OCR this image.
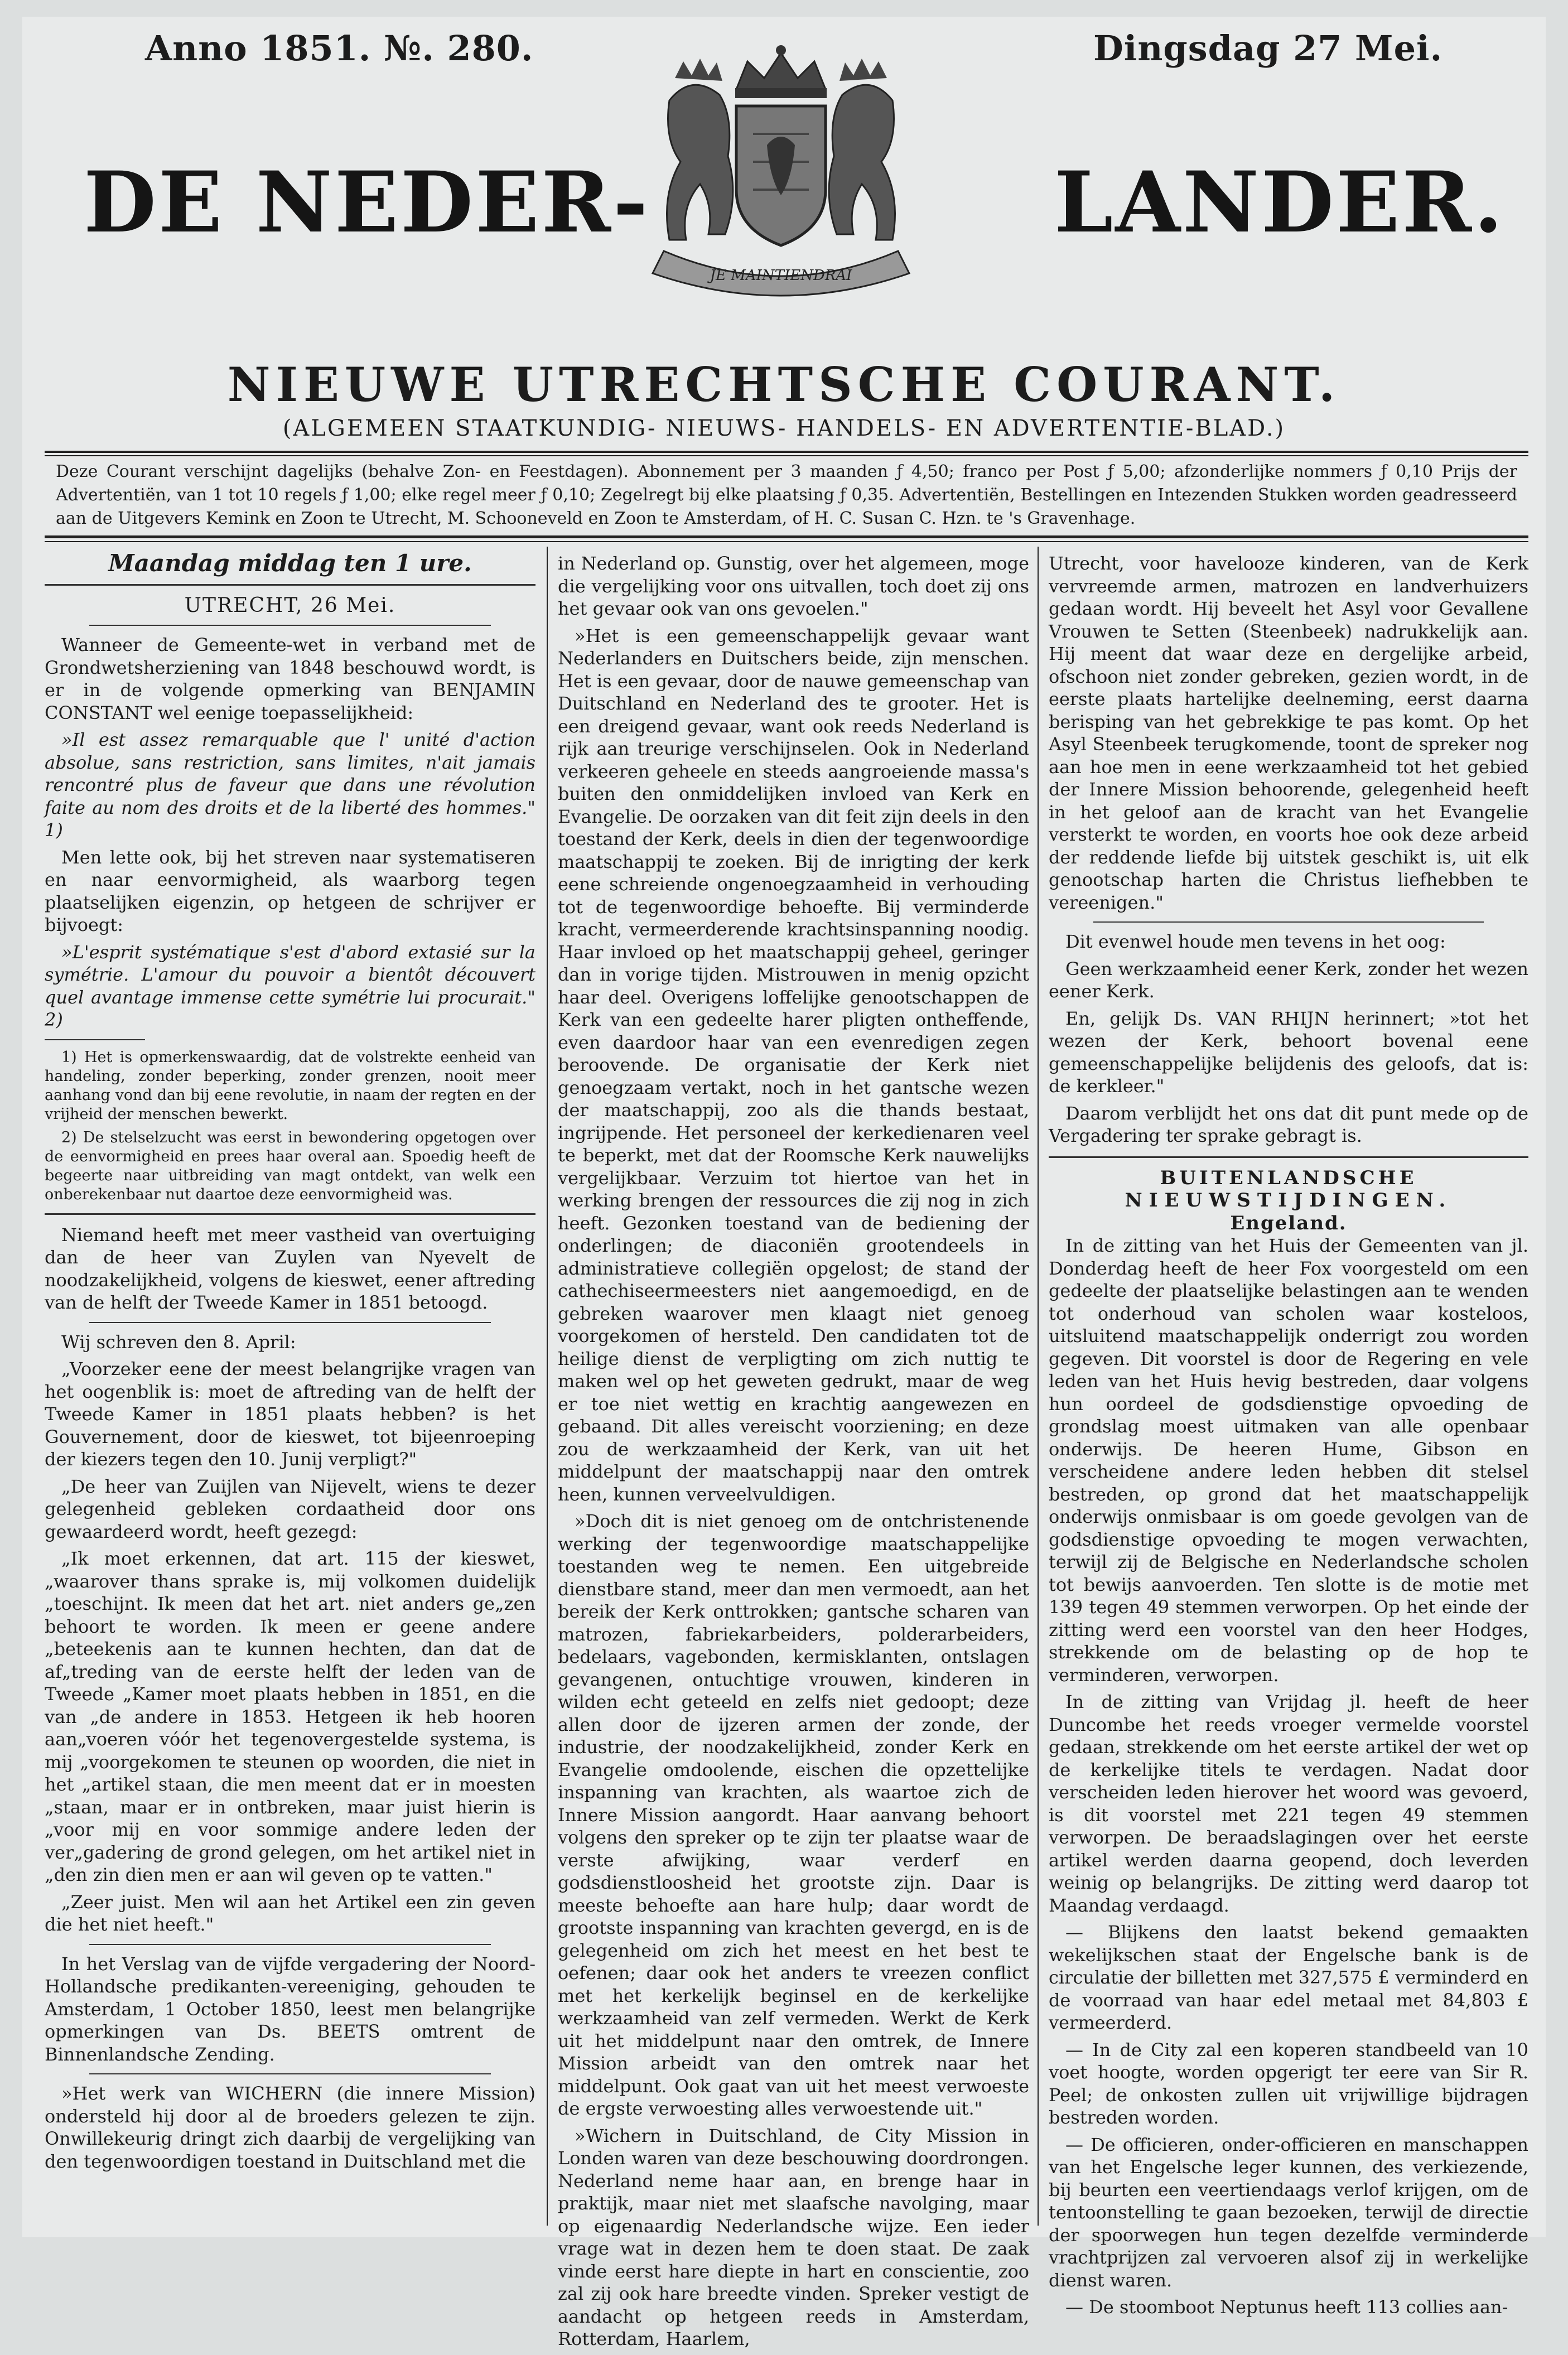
Anno 1851. №. 280.	Dingsdag 27 Mei.
DE NEDER-	LANDER.
JE MAINTIENDRAI
NIEUWE UTRECHTSCHE COURANT.
(ALGEMEEN STAATKUNDIG- NIEUWS- HANDELS- EN ADVERTENTIE-BLAD.)
Deze Courant verschijnt dagelijks (behalve Zon- en Feestdagen). Abonnement per 3 maanden ƒ 4,50; franco per Post ƒ 5,00; afzonderlijke nommers ƒ 0,10 Prijs der Advertentiën, van 1 tot 10 regels ƒ 1,00; elke regel meer ƒ 0,10; Zegelregt bij elke plaatsing ƒ 0,35. Advertentiën, Bestellingen en Intezenden Stukken worden geadresseerd aan de Uitgevers Kemink en Zoon te Utrecht, M. Schooneveld en Zoon te Amsterdam, of H. C. Susan C. Hzn. te 's Gravenhage.
Maandag middag ten 1 ure.
UTRECHT, 26 Mei.

Wanneer de Gemeente-wet in verband met de Grondwetsherziening van 1848 beschouwd wordt, is er in de volgende opmerking van BENJAMIN CONSTANT wel eenige toepasselijkheid:

»Il est assez remarquable que l' unité d'action absolue, sans restriction, sans limites, n'ait jamais rencontré plus de faveur que dans une révolution faite au nom des droits et de la liberté des hommes." 1)

Men lette ook, bij het streven naar systematiseren en naar eenvormigheid, als waarborg tegen plaatselijken eigenzin, op hetgeen de schrijver er bijvoegt:

»L'esprit systématique s'est d'abord extasié sur la symétrie. L'amour du pouvoir a bientôt découvert quel avantage immense cette symétrie lui procurait." 2)

1) Het is opmerkenswaardig, dat de volstrekte eenheid van handeling, zonder beperking, zonder grenzen, nooit meer aanhang vond dan bij eene revolutie, in naam der regten en der vrijheid der menschen bewerkt.

2) De stelselzucht was eerst in bewondering opgetogen over de eenvormigheid en prees haar overal aan. Spoedig heeft de begeerte naar uitbreiding van magt ontdekt, van welk een onberekenbaar nut daartoe deze eenvormigheid was.

Niemand heeft met meer vastheid van overtuiging dan de heer van Zuylen van Nyevelt de noodzakelijkheid, volgens de kieswet, eener aftreding van de helft der Tweede Kamer in 1851 betoogd.

Wij schreven den 8. April:

„Voorzeker eene der meest belangrijke vragen van het oogenblik is: moet de aftreding van de helft der Tweede Kamer in 1851 plaats hebben? is het Gouvernement, door de kieswet, tot bijeenroeping der kiezers tegen den 10. Junij verpligt?"

„De heer van Zuijlen van Nijevelt, wiens te dezer gelegenheid gebleken cordaatheid door ons gewaardeerd wordt, heeft gezegd:

„Ik moet erkennen, dat art. 115 der kieswet, „waarover thans sprake is, mij volkomen duidelijk „toeschijnt. Ik meen dat het art. niet anders ge„zen behoort te worden. Ik meen er geene andere „beteekenis aan te kunnen hechten, dan dat de af„treding van de eerste helft der leden van de Tweede „Kamer moet plaats hebben in 1851, en die van „de andere in 1853. Hetgeen ik heb hooren aan„voeren vóór het tegenovergestelde systema, is mij „voorgekomen te steunen op woorden, die niet in het „artikel staan, die men meent dat er in moesten „staan, maar er in ontbreken, maar juist hierin is „voor mij en voor sommige andere leden der ver„gadering de grond gelegen, om het artikel niet in „den zin dien men er aan wil geven op te vatten."

„Zeer juist. Men wil aan het Artikel een zin geven die het niet heeft."

In het Verslag van de vijfde vergadering der Noord-Hollandsche predikanten-vereeniging, gehouden te Amsterdam, 1 October 1850, leest men belangrijke opmerkingen van Ds. BEETS omtrent de Binnenlandsche Zending.

»Het werk van WICHERN (die innere Mission) ondersteld hij door al de broeders gelezen te zijn. Onwillekeurig dringt zich daarbij de vergelijking van den tegenwoordigen toestand in Duitschland met die

in Nederland op. Gunstig, over het algemeen, moge die vergelijking voor ons uitvallen, toch doet zij ons het gevaar ook van ons gevoelen."

»Het is een gemeenschappelijk gevaar want Nederlanders en Duitschers beide, zijn menschen. Het is een gevaar, door de nauwe gemeenschap van Duitschland en Nederland des te grooter. Het is een dreigend gevaar, want ook reeds Nederland is rijk aan treurige verschijnselen. Ook in Nederland verkeeren geheele en steeds aangroeiende massa's buiten den onmiddelijken invloed van Kerk en Evangelie. De oorzaken van dit feit zijn deels in den toestand der Kerk, deels in dien der tegenwoordige maatschappij te zoeken. Bij de inrigting der kerk eene schreiende ongenoegzaamheid in verhouding tot de tegenwoordige behoefte. Bij verminderde kracht, vermeerderende krachtsinspanning noodig. Haar invloed op het maatschappij geheel, geringer dan in vorige tijden. Mistrouwen in menig opzicht haar deel. Overigens loffelijke genootschappen de Kerk van een gedeelte harer pligten ontheffende, even daardoor haar van een evenredigen zegen beroovende. De organisatie der Kerk niet genoegzaam vertakt, noch in het gantsche wezen der maatschappij, zoo als die thands bestaat, ingrijpende. Het personeel der kerkedienaren veel te beperkt, met dat der Roomsche Kerk nauwelijks vergelijkbaar. Verzuim tot hiertoe van het in werking brengen der ressources die zij nog in zich heeft. Gezonken toestand van de bediening der onderlingen; de diaconiën grootendeels in administratieve collegiën opgelost; de stand der cathechiseermeesters niet aangemoedigd, en de gebreken waarover men klaagt niet genoeg voorgekomen of hersteld. Den candidaten tot de heilige dienst de verpligting om zich nuttig te maken wel op het geweten gedrukt, maar de weg er toe niet wettig en krachtig aangewezen en gebaand. Dit alles vereischt voorziening; en deze zou de werkzaamheid der Kerk, van uit het middelpunt der maatschappij naar den omtrek heen, kunnen verveelvuldigen.

»Doch dit is niet genoeg om de ontchristenende werking der tegenwoordige maatschappelijke toestanden weg te nemen. Een uitgebreide dienstbare stand, meer dan men vermoedt, aan het bereik der Kerk onttrokken; gantsche scharen van matrozen, fabriekarbeiders, polderarbeiders, bedelaars, vagebonden, kermisklanten, ontslagen gevangenen, ontuchtige vrouwen, kinderen in wilden echt geteeld en zelfs niet gedoopt; deze allen door de ijzeren armen der zonde, der industrie, der noodzakelijkheid, zonder Kerk en Evangelie omdoolende, eischen die opzettelijke inspanning van krachten, als waartoe zich de Innere Mission aangordt. Haar aanvang behoort volgens den spreker op te zijn ter plaatse waar de verste afwijking, waar verderf en godsdienstloosheid het grootste zijn. Daar is meeste behoefte aan hare hulp; daar wordt de grootste inspanning van krachten gevergd, en is de gelegenheid om zich het meest en het best te oefenen; daar ook het anders te vreezen conflict met het kerkelijk beginsel en de kerkelijke werkzaamheid van zelf vermeden. Werkt de Kerk uit het middelpunt naar den omtrek, de Innere Mission arbeidt van den omtrek naar het middelpunt. Ook gaat van uit het meest verwoeste de ergste verwoesting alles verwoestende uit."

»Wichern in Duitschland, de City Mission in Londen waren van deze beschouwing doordrongen. Nederland neme haar aan, en brenge haar in praktijk, maar niet met slaafsche navolging, maar op eigenaardig Nederlandsche wijze. Een ieder vrage wat in dezen hem te doen staat. De zaak vinde eerst hare diepte in hart en conscientie, zoo zal zij ook hare breedte vinden. Spreker vestigt de aandacht op hetgeen reeds in Amsterdam, Rotterdam, Haarlem,

Utrecht, voor havelooze kinderen, van de Kerk vervreemde armen, matrozen en landverhuizers gedaan wordt. Hij beveelt het Asyl voor Gevallene Vrouwen te Setten (Steenbeek) nadrukkelijk aan. Hij meent dat waar deze en dergelijke arbeid, ofschoon niet zonder gebreken, gezien wordt, in de eerste plaats hartelijke deelneming, eerst daarna berisping van het gebrekkige te pas komt. Op het Asyl Steenbeek terugkomende, toont de spreker nog aan hoe men in eene werkzaamheid tot het gebied der Innere Mission behoorende, gelegenheid heeft in het geloof aan de kracht van het Evangelie versterkt te worden, en voorts hoe ook deze arbeid der reddende liefde bij uitstek geschikt is, uit elk genootschap harten die Christus liefhebben te vereenigen."

Dit evenwel houde men tevens in het oog:

Geen werkzaamheid eener Kerk, zonder het wezen eener Kerk.

En, gelijk Ds. VAN RHIJN herinnert; »tot het wezen der Kerk, behoort bovenal eene gemeenschappelijke belijdenis des geloofs, dat is: de kerkleer."

Daarom verblijdt het ons dat dit punt mede op de Vergadering ter sprake gebragt is.

BUITENLANDSCHE
NIEUWSTIJDINGEN.
Engeland.

In de zitting van het Huis der Gemeenten van jl. Donderdag heeft de heer Fox voorgesteld om een gedeelte der plaatselijke belastingen aan te wenden tot onderhoud van scholen waar kosteloos, uitsluitend maatschappelijk onderrigt zou worden gegeven. Dit voorstel is door de Regering en vele leden van het Huis hevig bestreden, daar volgens hun oordeel de godsdienstige opvoeding de grondslag moest uitmaken van alle openbaar onderwijs. De heeren Hume, Gibson en verscheidene andere leden hebben dit stelsel bestreden, op grond dat het maatschappelijk onderwijs onmisbaar is om goede gevolgen van de godsdienstige opvoeding te mogen verwachten, terwijl zij de Belgische en Nederlandsche scholen tot bewijs aanvoerden. Ten slotte is de motie met 139 tegen 49 stemmen verworpen. Op het einde der zitting werd een voorstel van den heer Hodges, strekkende om de belasting op de hop te verminderen, verworpen.

In de zitting van Vrijdag jl. heeft de heer Duncombe het reeds vroeger vermelde voorstel gedaan, strekkende om het eerste artikel der wet op de kerkelijke titels te verdagen. Nadat door verscheiden leden hierover het woord was gevoerd, is dit voorstel met 221 tegen 49 stemmen verworpen. De beraadslagingen over het eerste artikel werden daarna geopend, doch leverden weinig op belangrijks. De zitting werd daarop tot Maandag verdaagd.

— Blijkens den laatst bekend gemaakten wekelijkschen staat der Engelsche bank is de circulatie der billetten met 327,575 £ verminderd en de voorraad van haar edel metaal met 84,803 £ vermeerderd.

— In de City zal een koperen standbeeld van 10 voet hoogte, worden opgerigt ter eere van Sir R. Peel; de onkosten zullen uit vrijwillige bijdragen bestreden worden.

— De officieren, onder-officieren en manschappen van het Engelsche leger kunnen, des verkiezende, bij beurten een veertiendaags verlof krijgen, om de tentoonstelling te gaan bezoeken, terwijl de directie der spoorwegen hun tegen dezelfde verminderde vrachtprijzen zal vervoeren alsof zij in werkelijke dienst waren.

— De stoomboot Neptunus heeft 113 collies aan-
